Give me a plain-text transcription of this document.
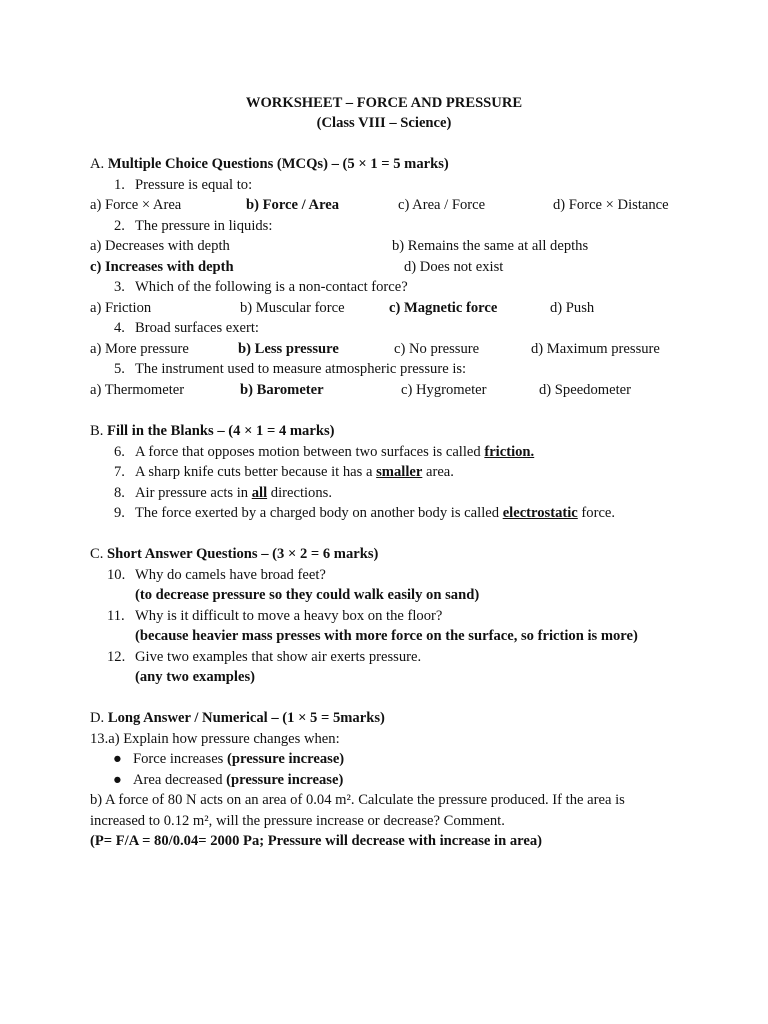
WORKSHEET – FORCE AND PRESSURE
(Class VIII – Science)
A. Multiple Choice Questions (MCQs) – (5 × 1 = 5 marks)
1. Pressure is equal to:
a) Force × Area	b) Force / Area	c) Area / Force	d) Force × Distance
2. The pressure in liquids:
a) Decreases with depth	b) Remains the same at all depths
c) Increases with depth	d) Does not exist
3. Which of the following is a non-contact force?
a) Friction	b) Muscular force	c) Magnetic force	d) Push
4. Broad surfaces exert:
a) More pressure	b) Less pressure	c) No pressure	d) Maximum pressure
5. The instrument used to measure atmospheric pressure is:
a) Thermometer	b) Barometer	c) Hygrometer	d) Speedometer
B. Fill in the Blanks – (4 × 1 = 4 marks)
6. A force that opposes motion between two surfaces is called friction.
7. A sharp knife cuts better because it has a smaller area.
8. Air pressure acts in all directions.
9. The force exerted by a charged body on another body is called electrostatic force.
C. Short Answer Questions – (3 × 2 = 6 marks)
10. Why do camels have broad feet?
(to decrease pressure so they could walk easily on sand)
11. Why is it difficult to move a heavy box on the floor?
(because heavier mass presses with more force on the surface, so friction is more)
12. Give two examples that show air exerts pressure.
(any two examples)
D. Long Answer / Numerical – (1 × 5 = 5marks)
13.a) Explain how pressure changes when:
● Force increases (pressure increase)
● Area decreased (pressure increase)
b) A force of 80 N acts on an area of 0.04 m². Calculate the pressure produced. If the area is
increased to 0.12 m², will the pressure increase or decrease? Comment.
(P= F/A = 80/0.04= 2000 Pa; Pressure will decrease with increase in area)
